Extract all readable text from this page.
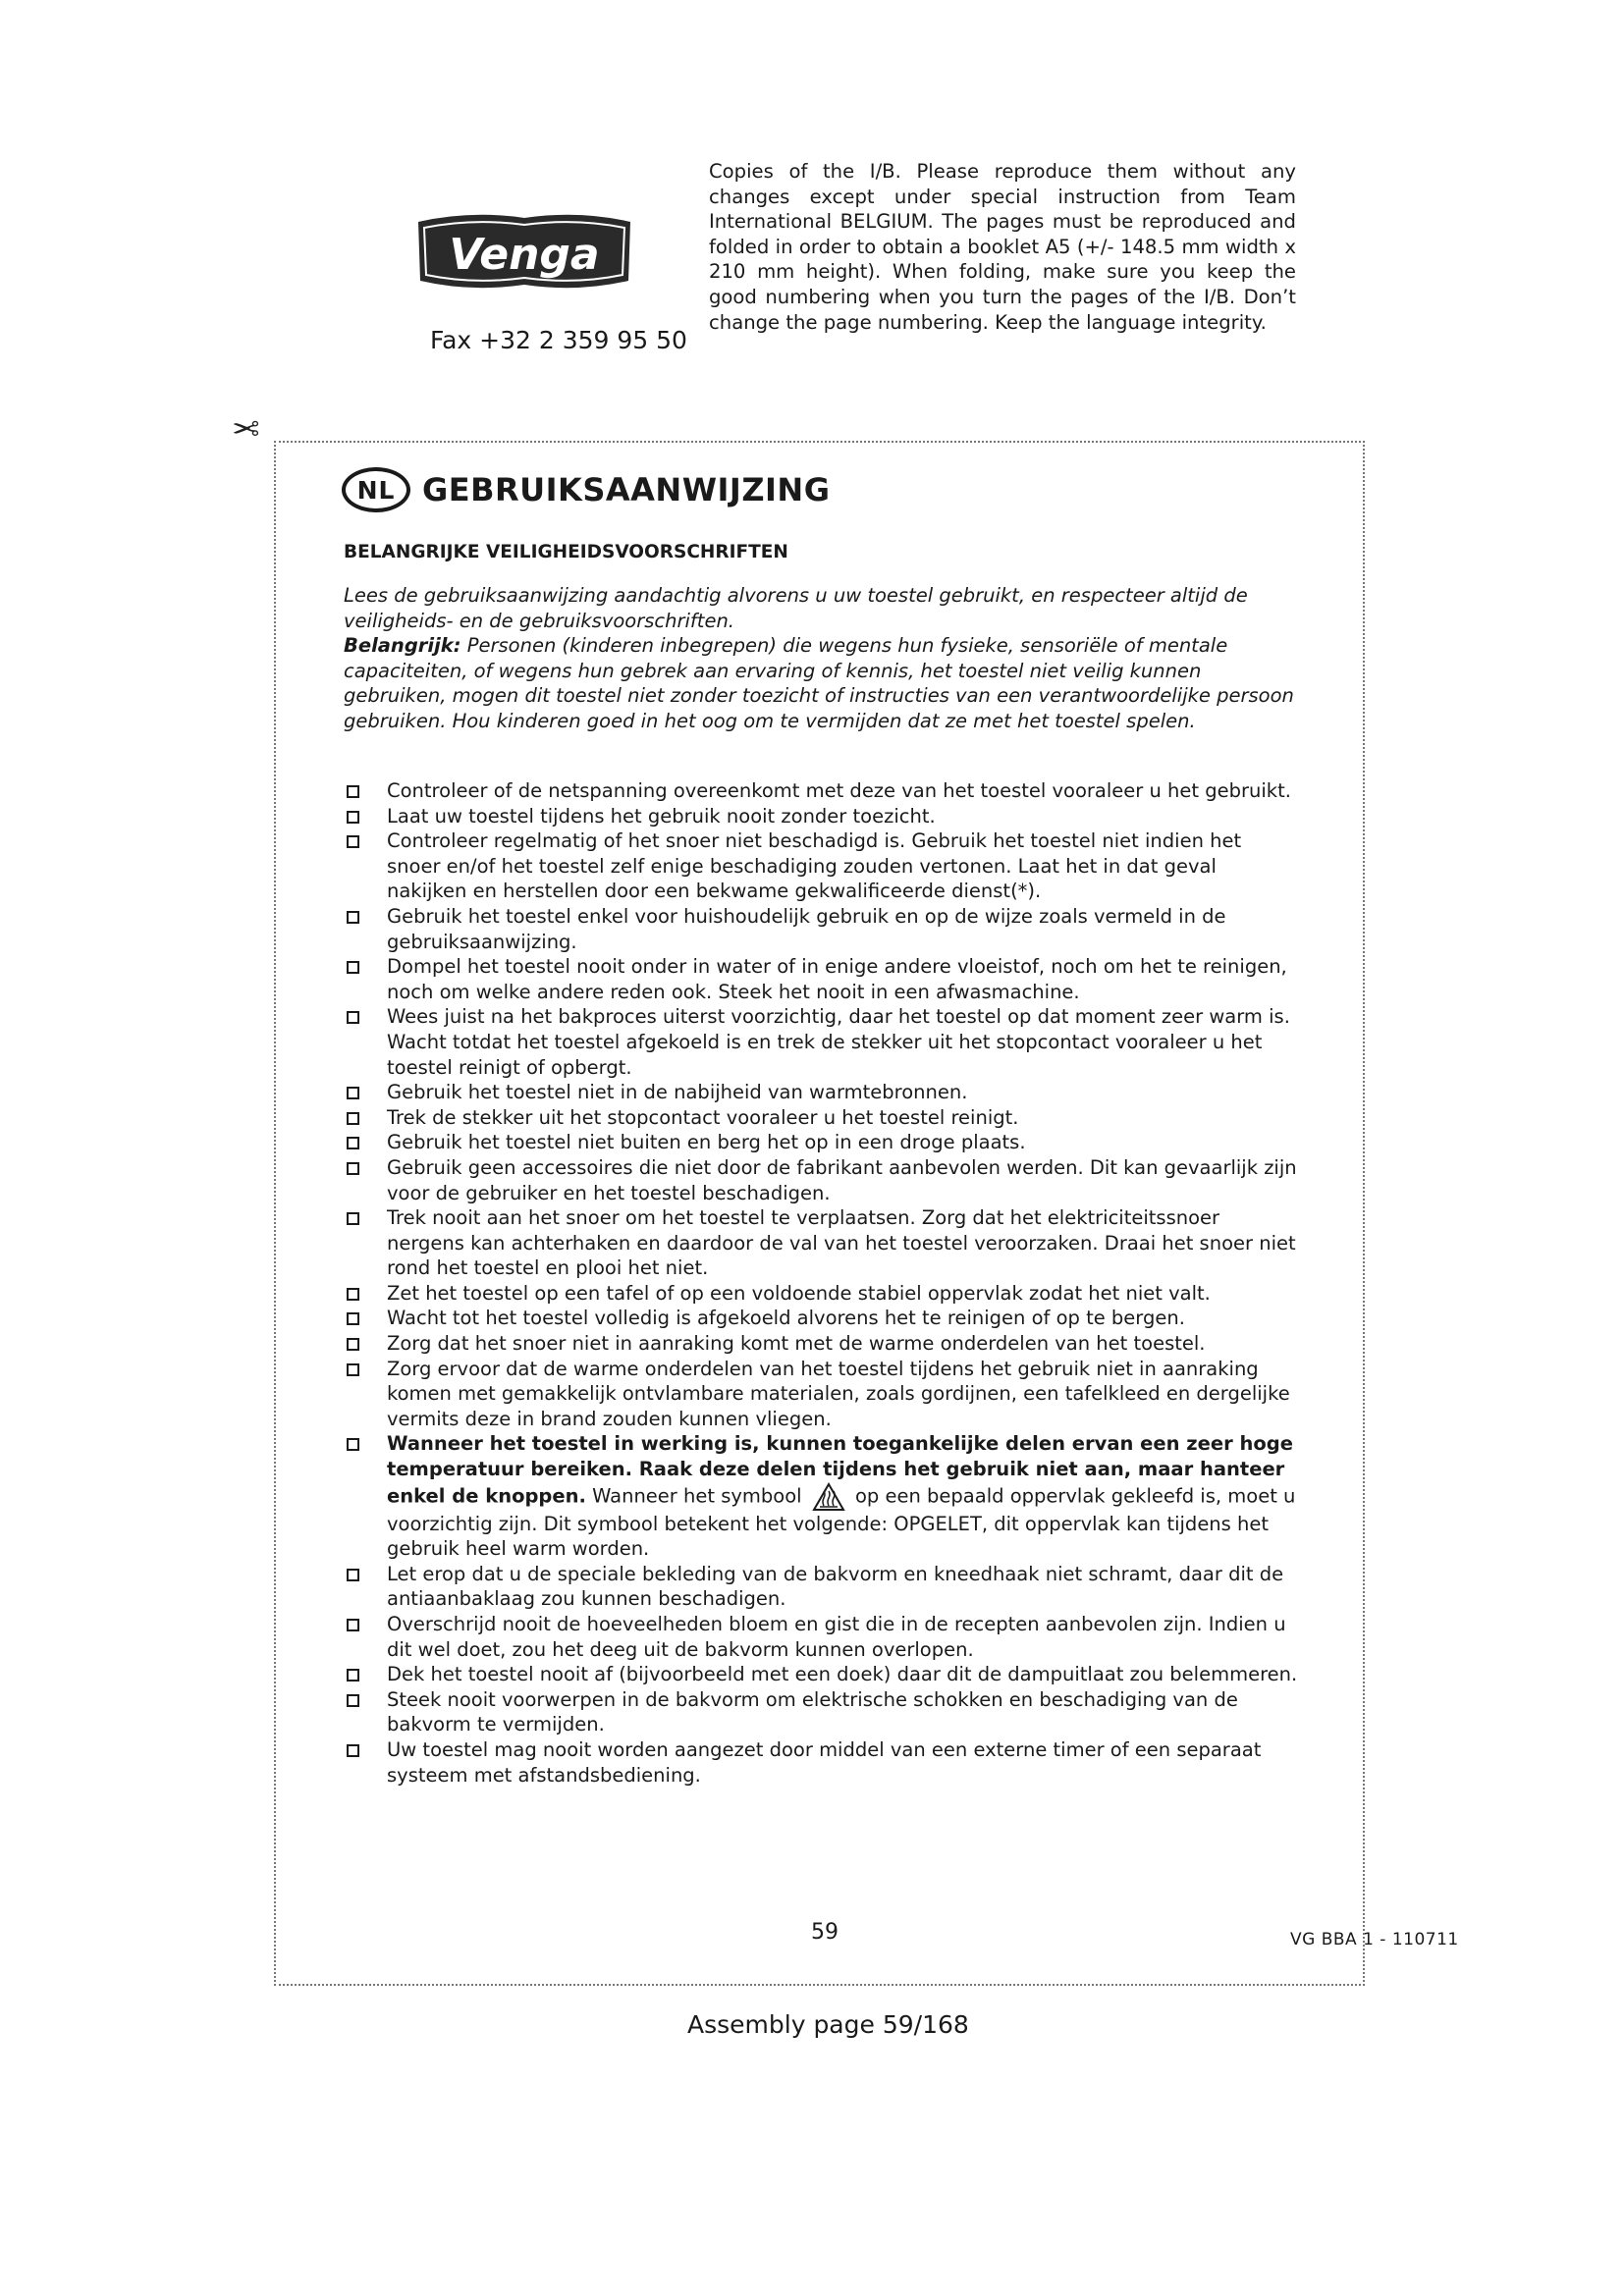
Venga
Fax +32 2 359 95 50
Copies of the I/B. Please reproduce them without any changes except under special instruction from Team International BELGIUM. The pages must be reproduced and folded in order to obtain a booklet A5 (+/- 148.5 mm width x 210 mm height). When folding, make sure you keep the good numbering when you turn the pages of the I/B. Don’t change the page numbering. Keep the language integrity.
✂
NL GEBRUIKSAANWIJZING
BELANGRIJKE VEILIGHEIDSVOORSCHRIFTEN

Lees de gebruiksaanwijzing aandachtig alvorens u uw toestel gebruikt, en respecteer altijd de veiligheids- en de gebruiksvoorschriften.

Belangrijk: Personen (kinderen inbegrepen) die wegens hun fysieke, sensoriële of mentale capaciteiten, of wegens hun gebrek aan ervaring of kennis, het toestel niet veilig kunnen gebruiken, mogen dit toestel niet zonder toezicht of instructies van een verantwoordelijke persoon gebruiken. Hou kinderen goed in het oog om te vermijden dat ze met het toestel spelen.

Controleer of de netspanning overeenkomt met deze van het toestel vooraleer u het gebruikt.
Laat uw toestel tijdens het gebruik nooit zonder toezicht.
Controleer regelmatig of het snoer niet beschadigd is. Gebruik het toestel niet indien het snoer en/of het toestel zelf enige beschadiging zouden vertonen. Laat het in dat geval nakijken en herstellen door een bekwame gekwalificeerde dienst(*).
Gebruik het toestel enkel voor huishoudelijk gebruik en op de wijze zoals vermeld in de gebruiksaanwijzing.
Dompel het toestel nooit onder in water of in enige andere vloeistof, noch om het te reinigen, noch om welke andere reden ook. Steek het nooit in een afwasmachine.
Wees juist na het bakproces uiterst voorzichtig, daar het toestel op dat moment zeer warm is. Wacht totdat het toestel afgekoeld is en trek de stekker uit het stopcontact vooraleer u het toestel reinigt of opbergt.
Gebruik het toestel niet in de nabijheid van warmtebronnen.
Trek de stekker uit het stopcontact vooraleer u het toestel reinigt.
Gebruik het toestel niet buiten en berg het op in een droge plaats.
Gebruik geen accessoires die niet door de fabrikant aanbevolen werden. Dit kan gevaarlijk zijn voor de gebruiker en het toestel beschadigen.
Trek nooit aan het snoer om het toestel te verplaatsen. Zorg dat het elektriciteitssnoer nergens kan achterhaken en daardoor de val van het toestel veroorzaken. Draai het snoer niet rond het toestel en plooi het niet.
Zet het toestel op een tafel of op een voldoende stabiel oppervlak zodat het niet valt.
Wacht tot het toestel volledig is afgekoeld alvorens het te reinigen of op te bergen.
Zorg dat het snoer niet in aanraking komt met de warme onderdelen van het toestel.
Zorg ervoor dat de warme onderdelen van het toestel tijdens het gebruik niet in aanraking komen met gemakkelijk ontvlambare materialen, zoals gordijnen, een tafelkleed en dergelijke vermits deze in brand zouden kunnen vliegen.
Wanneer het toestel in werking is, kunnen toegankelijke delen ervan een zeer hoge temperatuur bereiken. Raak deze delen tijdens het gebruik niet aan, maar hanteer enkel de knoppen. Wanneer het symbool	op een bepaald oppervlak gekleefd is, moet u voorzichtig zijn. Dit symbool betekent het volgende: OPGELET, dit oppervlak kan tijdens het gebruik heel warm worden.
Let erop dat u de speciale bekleding van de bakvorm en kneedhaak niet schramt, daar dit de antiaanbaklaag zou kunnen beschadigen.
Overschrijd nooit de hoeveelheden bloem en gist die in de recepten aanbevolen zijn. Indien u dit wel doet, zou het deeg uit de bakvorm kunnen overlopen.
Dek het toestel nooit af (bijvoorbeeld met een doek) daar dit de dampuitlaat zou belemmeren.
Steek nooit voorwerpen in de bakvorm om elektrische schokken en beschadiging van de bakvorm te vermijden.
Uw toestel mag nooit worden aangezet door middel van een externe timer of een separaat systeem met afstandsbediening.
59	VG BBA 1 - 110711
Assembly page 59/168
